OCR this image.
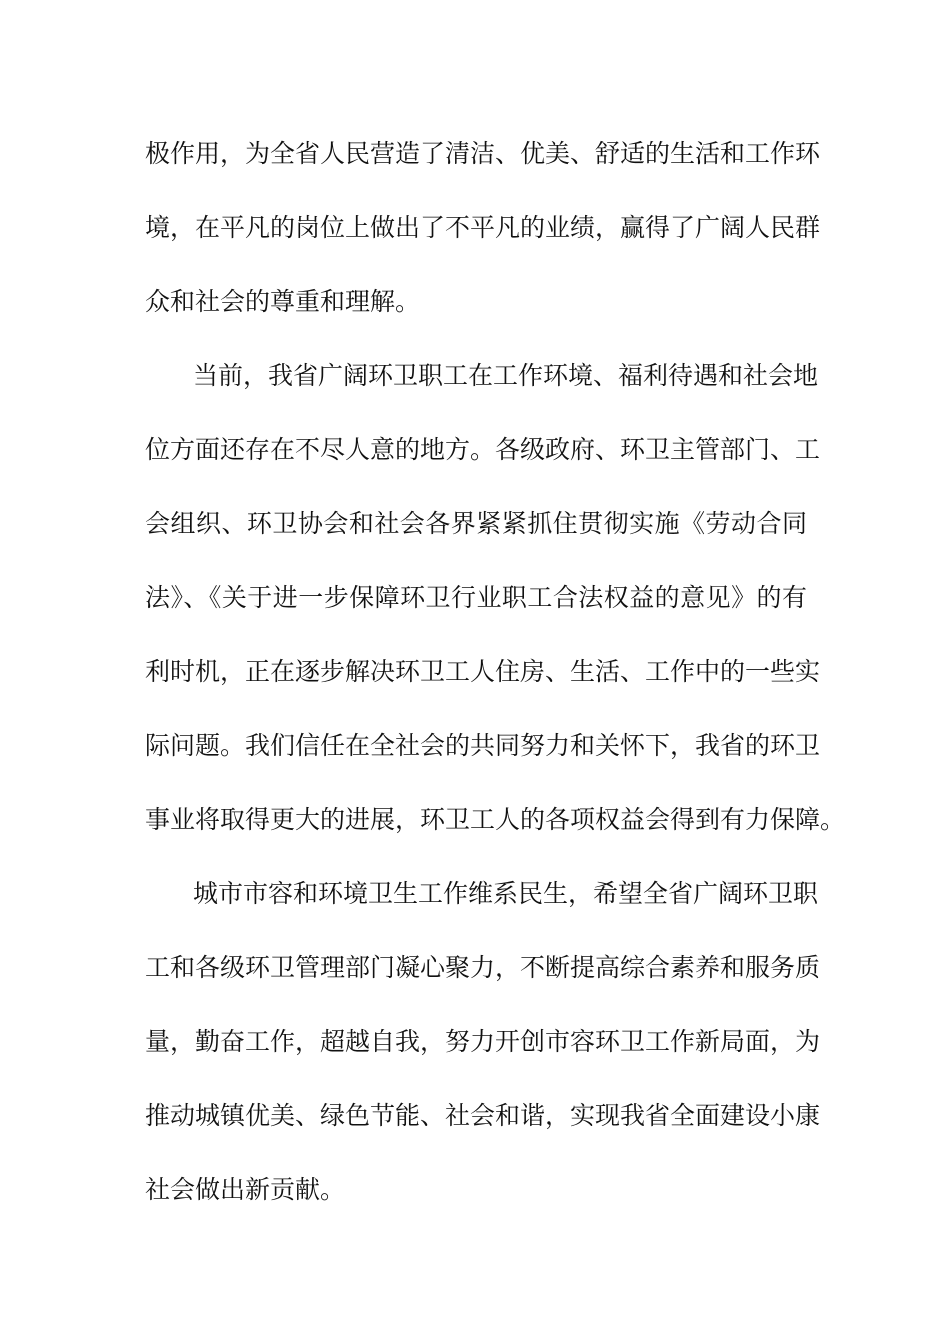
极作用，为全省人民营造了清洁、优美、舒适的生活和工作环

境，在平凡的岗位上做出了不平凡的业绩，赢得了广阔人民群

众和社会的尊重和理解。

当前，我省广阔环卫职工在工作环境、福利待遇和社会地

位方面还存在不尽人意的地方。各级政府、环卫主管部门、工

会组织、环卫协会和社会各界紧紧抓住贯彻实施《劳动合同

法》、《关于进一步保障环卫行业职工合法权益的意见》的有

利时机，正在逐步解决环卫工人住房、生活、工作中的一些实

际问题。我们信任在全社会的共同努力和关怀下，我省的环卫

事业将取得更大的进展，环卫工人的各项权益会得到有力保障。

城市市容和环境卫生工作维系民生，希望全省广阔环卫职

工和各级环卫管理部门凝心聚力，不断提高综合素养和服务质

量，勤奋工作，超越自我，努力开创市容环卫工作新局面，为

推动城镇优美、绿色节能、社会和谐，实现我省全面建设小康

社会做出新贡献。
